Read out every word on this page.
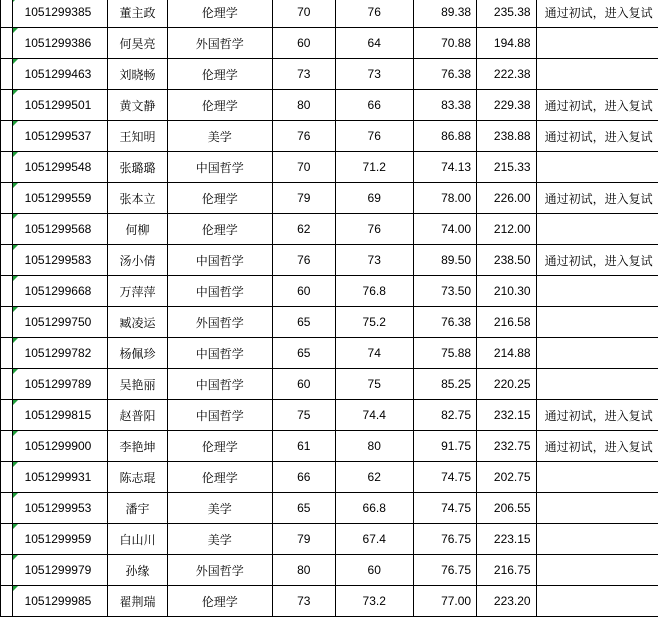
	1051299385	董主政	伦理学	70	76	89.38	235.38	通过初试，进入复试
	1051299386	何昊亮	外国哲学	60	64	70.88	194.88	
	1051299463	刘晓畅	伦理学	73	73	76.38	222.38	
	1051299501	黄文静	伦理学	80	66	83.38	229.38	通过初试，进入复试
	1051299537	王知明	美学	76	76	86.88	238.88	通过初试，进入复试
	1051299548	张璐璐	中国哲学	70	71.2	74.13	215.33	
	1051299559	张本立	伦理学	79	69	78.00	226.00	通过初试，进入复试
	1051299568	何柳	伦理学	62	76	74.00	212.00	
	1051299583	汤小倩	中国哲学	76	73	89.50	238.50	通过初试，进入复试
	1051299668	万萍萍	中国哲学	60	76.8	73.50	210.30	
	1051299750	臧凌运	外国哲学	65	75.2	76.38	216.58	
	1051299782	杨佩珍	中国哲学	65	74	75.88	214.88	
	1051299789	吴艳丽	中国哲学	60	75	85.25	220.25	
	1051299815	赵普阳	中国哲学	75	74.4	82.75	232.15	通过初试，进入复试
	1051299900	李艳坤	伦理学	61	80	91.75	232.75	通过初试，进入复试
	1051299931	陈志琨	伦理学	66	62	74.75	202.75	
	1051299953	潘宇	美学	65	66.8	74.75	206.55	
	1051299959	白山川	美学	79	67.4	76.75	223.15	
	1051299979	孙缘	外国哲学	80	60	76.75	216.75	
	1051299985	翟荆瑞	伦理学	73	73.2	77.00	223.20	
